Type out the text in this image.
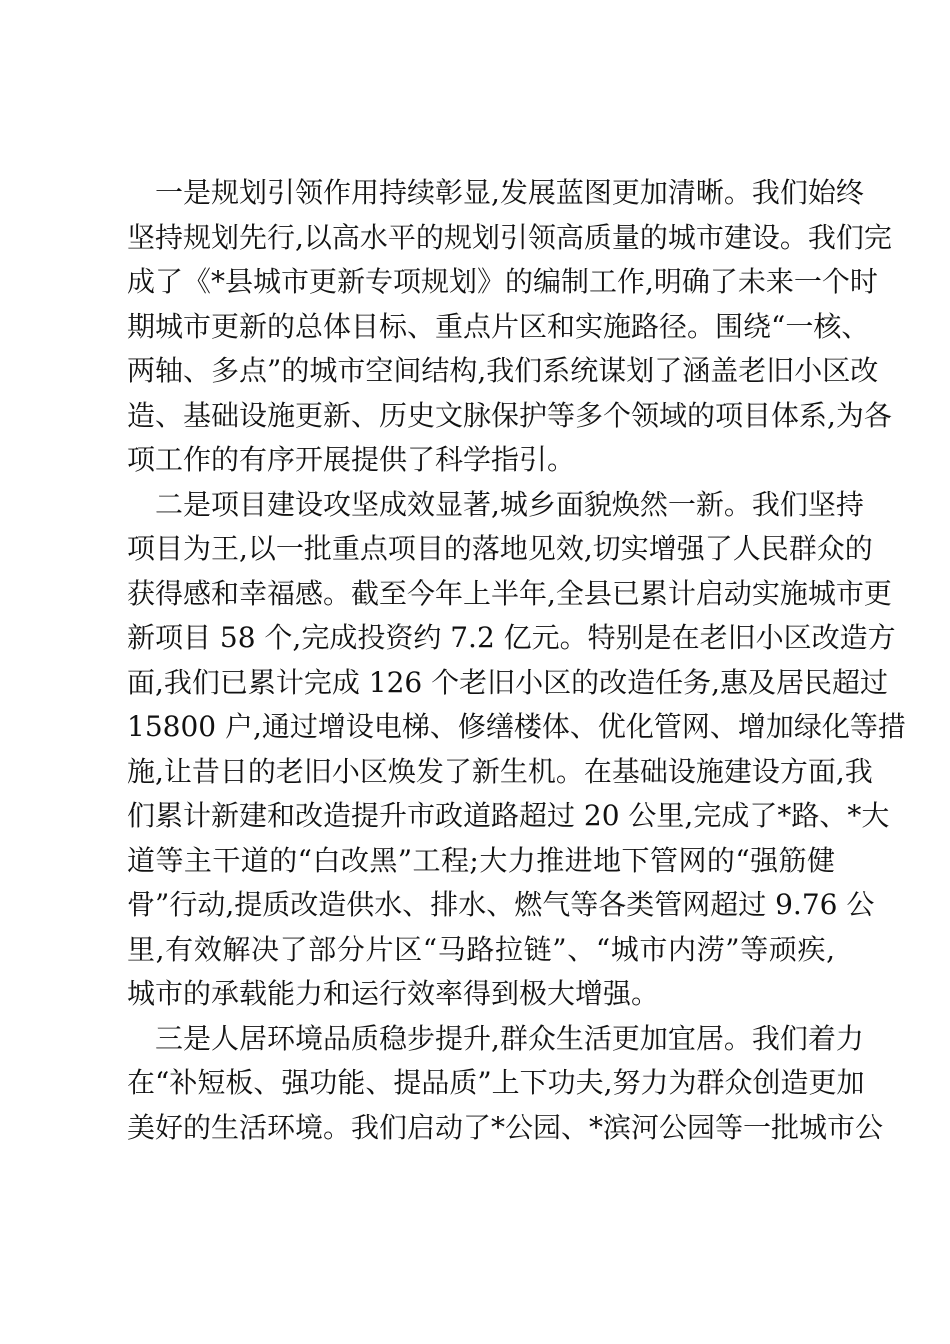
一是规划引领作用持续彰显,发展蓝图更加清晰。我们始终
坚持规划先行,以高水平的规划引领高质量的城市建设。我们完
成了《*县城市更新专项规划》的编制工作,明确了未来一个时
期城市更新的总体目标、重点片区和实施路径。围绕“一核、
两轴、多点”的城市空间结构,我们系统谋划了涵盖老旧小区改
造、基础设施更新、历史文脉保护等多个领域的项目体系,为各
项工作的有序开展提供了科学指引。
二是项目建设攻坚成效显著,城乡面貌焕然一新。我们坚持
项目为王,以一批重点项目的落地见效,切实增强了人民群众的
获得感和幸福感。截至今年上半年,全县已累计启动实施城市更
新项目 58 个,完成投资约 7.2 亿元。特别是在老旧小区改造方
面,我们已累计完成 126 个老旧小区的改造任务,惠及居民超过
15800 户,通过增设电梯、修缮楼体、优化管网、增加绿化等措
施,让昔日的老旧小区焕发了新生机。在基础设施建设方面,我
们累计新建和改造提升市政道路超过 20 公里,完成了*路、*大
道等主干道的“白改黑”工程;大力推进地下管网的“强筋健
骨”行动,提质改造供水、排水、燃气等各类管网超过 9.76 公
里,有效解决了部分片区“马路拉链”、“城市内涝”等顽疾,
城市的承载能力和运行效率得到极大增强。
三是人居环境品质稳步提升,群众生活更加宜居。我们着力
在“补短板、强功能、提品质”上下功夫,努力为群众创造更加
美好的生活环境。我们启动了*公园、*滨河公园等一批城市公
